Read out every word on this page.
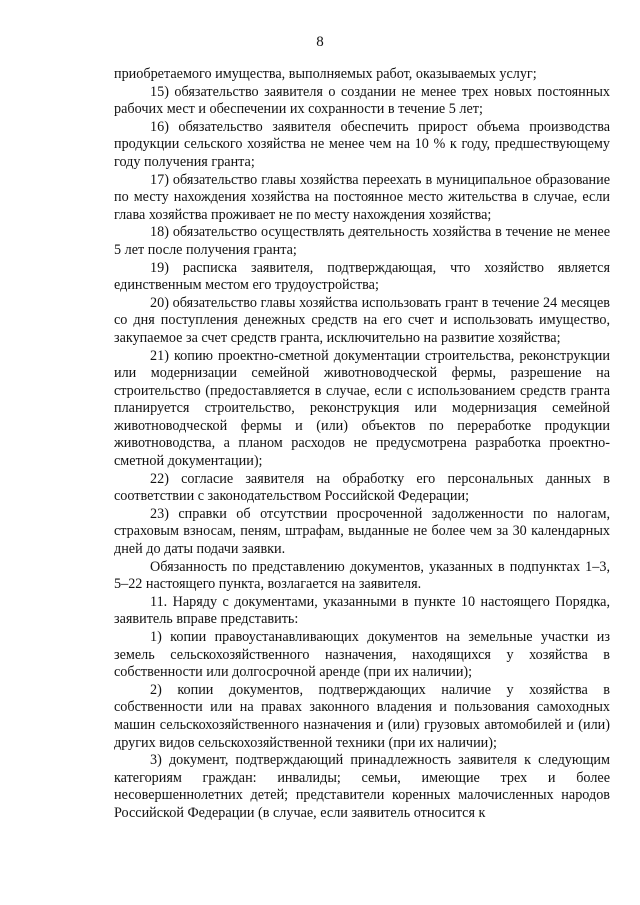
8

приобретаемого имущества, выполняемых работ, оказываемых услуг;

15) обязательство заявителя о создании не менее трех новых постоянных рабочих мест и обеспечении их сохранности в течение 5 лет;

16) обязательство заявителя обеспечить прирост объема производства продукции сельского хозяйства не менее чем на 10 % к году, предшествующему году получения гранта;

17) обязательство главы хозяйства переехать в муниципальное образование по месту нахождения хозяйства на постоянное место жительства в случае, если глава хозяйства проживает не по месту нахождения хозяйства;

18) обязательство осуществлять деятельность хозяйства в течение не менее 5 лет после получения гранта;

19) расписка заявителя, подтверждающая, что хозяйство является единственным местом его трудоустройства;

20) обязательство главы хозяйства использовать грант в течение 24 месяцев со дня поступления денежных средств на его счет и использовать имущество, закупаемое за счет средств гранта, исключительно на развитие хозяйства;

21) копию проектно-сметной документации строительства, реконструкции или модернизации семейной животноводческой фермы, разрешение на строительство (предоставляется в случае, если с использованием средств гранта планируется строительство, реконструкция или модернизация семейной животноводческой фермы и (или) объектов по переработке продукции животноводства, а планом расходов не предусмотрена разработка проектно-сметной документации);

22) согласие заявителя на обработку его персональных данных в соответствии с законодательством Российской Федерации;

23) справки об отсутствии просроченной задолженности по налогам, страховым взносам, пеням, штрафам, выданные не более чем за 30 календарных дней до даты подачи заявки.

Обязанность по представлению документов, указанных в подпунктах 1–3, 5–22 настоящего пункта, возлагается на заявителя.

11. Наряду с документами, указанными в пункте 10 настоящего Порядка, заявитель вправе представить:

1) копии правоустанавливающих документов на земельные участки из земель сельскохозяйственного назначения, находящихся у хозяйства в собственности или долгосрочной аренде (при их наличии);

2) копии документов, подтверждающих наличие у хозяйства в собственности или на правах законного владения и пользования самоходных машин сельскохозяйственного назначения и (или) грузовых автомобилей и (или) других видов сельскохозяйственной техники (при их наличии);

3) документ, подтверждающий принадлежность заявителя к следующим категориям граждан: инвалиды; семьи, имеющие трех и более несовершеннолетних детей; представители коренных малочисленных народов Российской Федерации (в случае, если заявитель относится к
